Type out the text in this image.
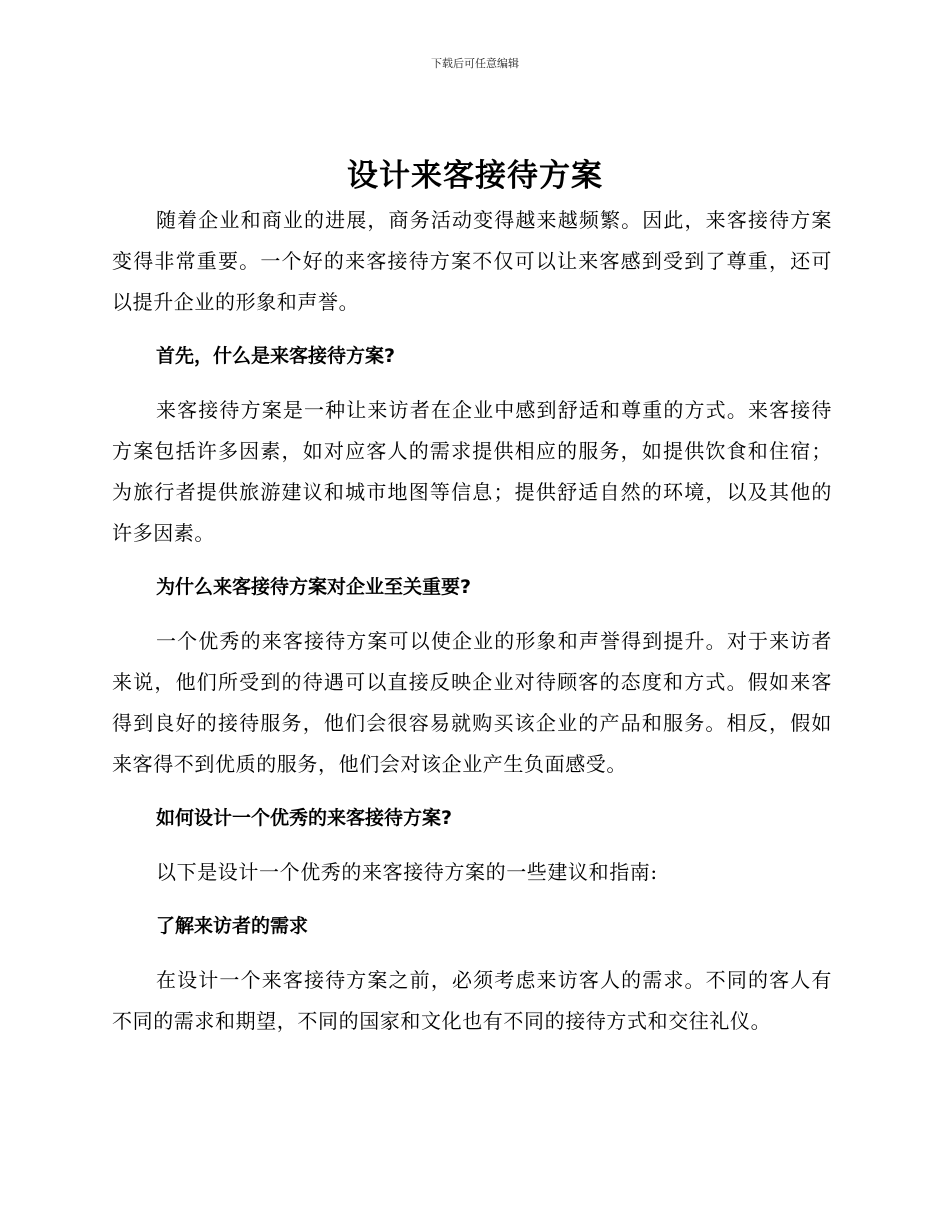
下载后可任意编辑
设计来客接待方案

随着企业和商业的进展，商务活动变得越来越频繁。因此，来客接待方案变得非常重要。一个好的来客接待方案不仅可以让来客感到受到了尊重，还可以提升企业的形象和声誉。

首先，什么是来客接待方案?

来客接待方案是一种让来访者在企业中感到舒适和尊重的方式。来客接待方案包括许多因素，如对应客人的需求提供相应的服务，如提供饮食和住宿；为旅行者提供旅游建议和城市地图等信息；提供舒适自然的环境，以及其他的许多因素。

为什么来客接待方案对企业至关重要?

一个优秀的来客接待方案可以使企业的形象和声誉得到提升。对于来访者来说，他们所受到的待遇可以直接反映企业对待顾客的态度和方式。假如来客得到良好的接待服务，他们会很容易就购买该企业的产品和服务。相反，假如来客得不到优质的服务，他们会对该企业产生负面感受。

如何设计一个优秀的来客接待方案?

以下是设计一个优秀的来客接待方案的一些建议和指南:

了解来访者的需求

在设计一个来客接待方案之前，必须考虑来访客人的需求。不同的客人有不同的需求和期望，不同的国家和文化也有不同的接待方式和交往礼仪。
